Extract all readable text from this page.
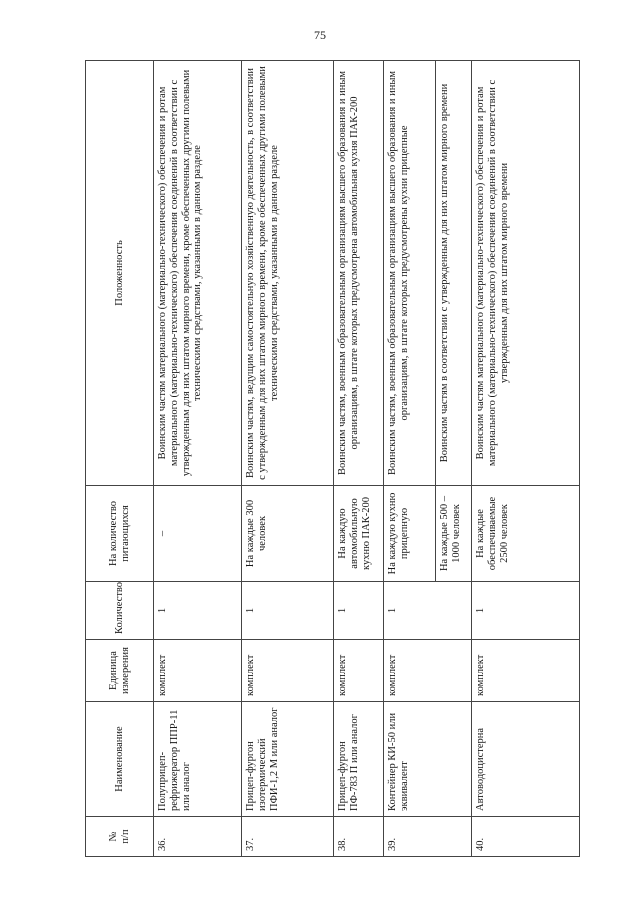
75
№
п/п	Наименование	Единица измерения	Количество	На количество питающихся	Положенность
36.	Полуприцеп-рефрижератор ППР-11 или аналог	комплект	1	–	Воинским частям материального (материально-технического) обеспечения и ротам материального (материально-технического) обеспечения соединений в соответствии с утвержденным для них штатом мирного времени, кроме обеспеченных другими полевыми техническими средствами, указанными в данном разделе
37.	Прицеп-фургон изотермический ПФИ-1,2 М или аналог	комплект	1	На каждые 300 человек	Воинским частям, ведущим самостоятельную хозяйственную деятельность, в соответствии с утвержденным для них штатом мирного времени, кроме обеспеченных другими полевыми техническими средствами, указанными в данном разделе
38.	Прицеп-фургон ПФ-783 П или аналог	комплект	1	На каждую автомобильную кухню ПАК-200	Воинским частям, военным образовательным организациям высшего образования и иным организациям, в штате которых предусмотрена автомобильная кухня ПАК-200
39.	Контейнер КИ-50 или эквивалент	комплект	1	На каждую кухню прицепную	Воинским частям, военным образовательным организациям высшего образования и иным организациям, в штате которых предусмотрены кухни прицепные
				На каждые 500 – 1000 человек	Воинским частям в соответствии с утвержденным для них штатом мирного времени
40.	Автоводоцистерна	комплект	1	На каждые обеспечиваемые 2500 человек	Воинским частям материального (материально-технического) обеспечения и ротам материального (материально-технического) обеспечения соединений в соответствии с утвержденным для них штатом мирного времени
